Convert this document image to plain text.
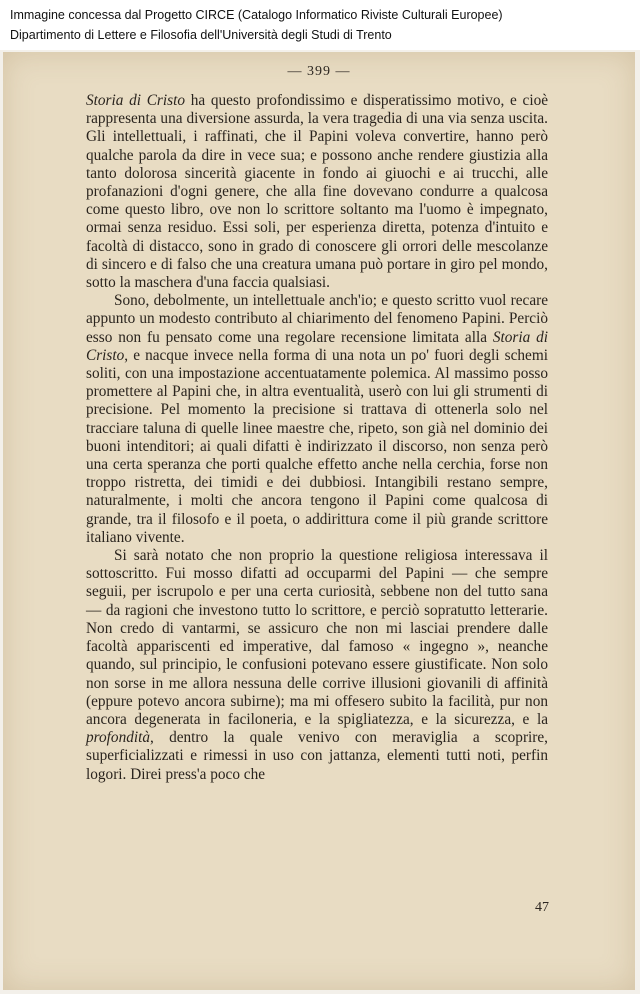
Immagine concessa dal Progetto CIRCE (Catalogo Informatico Riviste Culturali Europee)
Dipartimento di Lettere e Filosofia dell'Università degli Studi di Trento
— 399 —

Storia di Cristo ha questo profondissimo e disperatissimo motivo, e cioè rappresenta una diversione assurda, la vera tragedia di una via senza uscita. Gli intellettuali, i raffinati, che il Papini voleva convertire, hanno però qualche parola da dire in vece sua; e possono anche rendere giustizia alla tanto dolorosa sincerità giacente in fondo ai giuochi e ai trucchi, alle profanazioni d'ogni genere, che alla fine dovevano condurre a qualcosa come questo libro, ove non lo scrittore soltanto ma l'uomo è impegnato, ormai senza residuo. Essi soli, per esperienza diretta, potenza d'intuito e facoltà di distacco, sono in grado di conoscere gli orrori delle mescolanze di sincero e di falso che una creatura umana può portare in giro pel mondo, sotto la maschera d'una faccia qualsiasi.

Sono, debolmente, un intellettuale anch'io; e questo scritto vuol recare appunto un modesto contributo al chiarimento del fenomeno Papini. Perciò esso non fu pensato come una regolare recensione limitata alla Storia di Cristo, e nacque invece nella forma di una nota un po' fuori degli schemi soliti, con una impostazione accentuatamente polemica. Al massimo posso promettere al Papini che, in altra eventualità, userò con lui gli strumenti di precisione. Pel momento la precisione si trattava di ottenerla solo nel tracciare taluna di quelle linee maestre che, ripeto, son già nel dominio dei buoni intenditori; ai quali difatti è indirizzato il discorso, non senza però una certa speranza che porti qualche effetto anche nella cerchia, forse non troppo ristretta, dei timidi e dei dubbiosi. Intangibili restano sempre, naturalmente, i molti che ancora tengono il Papini come qualcosa di grande, tra il filosofo e il poeta, o addirittura come il più grande scrittore italiano vivente.

Si sarà notato che non proprio la questione religiosa interessava il sottoscritto. Fui mosso difatti ad occuparmi del Papini — che sempre seguii, per iscrupolo e per una certa curiosità, sebbene non del tutto sana — da ragioni che investono tutto lo scrittore, e perciò sopratutto letterarie. Non credo di vantarmi, se assicuro che non mi lasciai prendere dalle facoltà appariscenti ed imperative, dal famoso « ingegno », neanche quando, sul principio, le confusioni potevano essere giustificate. Non solo non sorse in me allora nessuna delle corrive illusioni giovanili di affinità (eppure potevo ancora subirne); ma mi offesero subito la facilità, pur non ancora degenerata in faciloneria, e la spigliatezza, e la sicurezza, e la profondità, dentro la quale venivo con meraviglia a scoprire, superficializzati e rimessi in uso con jattanza, elementi tutti noti, perfin logori. Direi press'a poco che

47
